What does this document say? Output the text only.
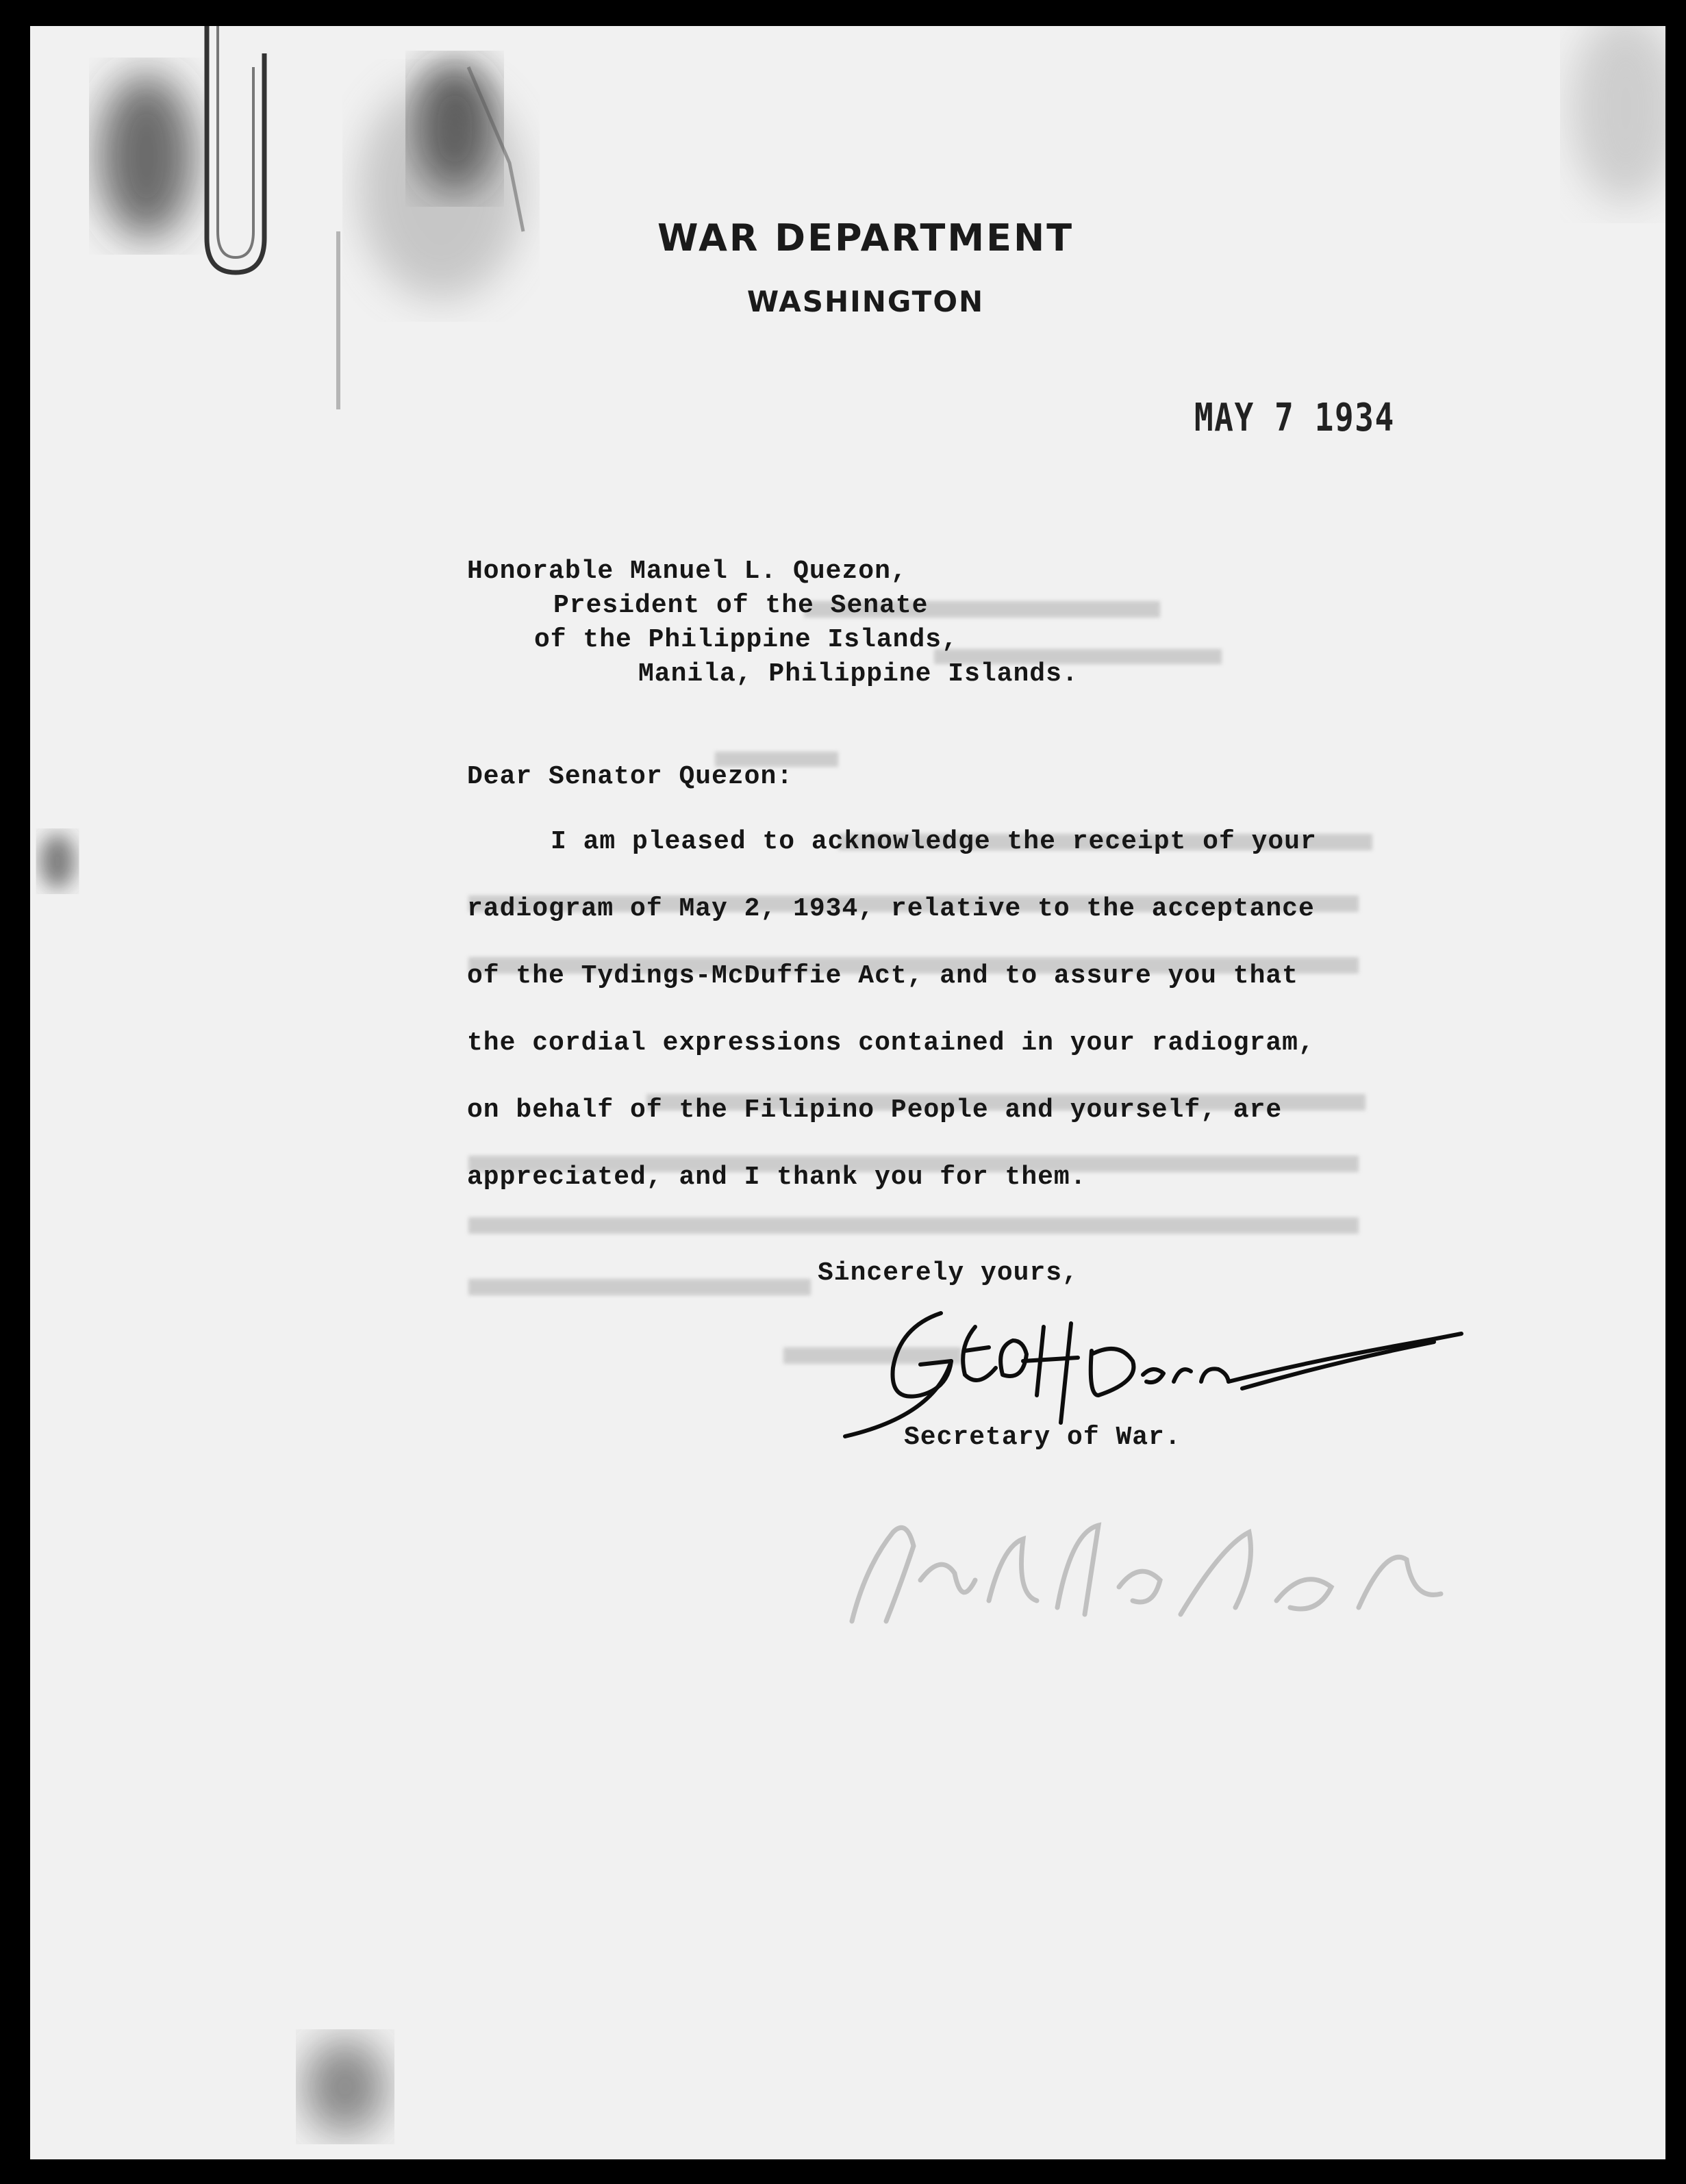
WAR DEPARTMENT
WASHINGTON
MAY 7 1934
Honorable Manuel L. Quezon,
President of the Senate
of the Philippine Islands,
Manila, Philippine Islands.
Dear Senator Quezon:
I am pleased to acknowledge the receipt of your
radiogram of May 2, 1934, relative to the acceptance
of the Tydings-McDuffie Act, and to assure you that
the cordial expressions contained in your radiogram,
on behalf of the Filipino People and yourself, are
appreciated, and I thank you for them.
Sincerely yours,
Secretary of War.
